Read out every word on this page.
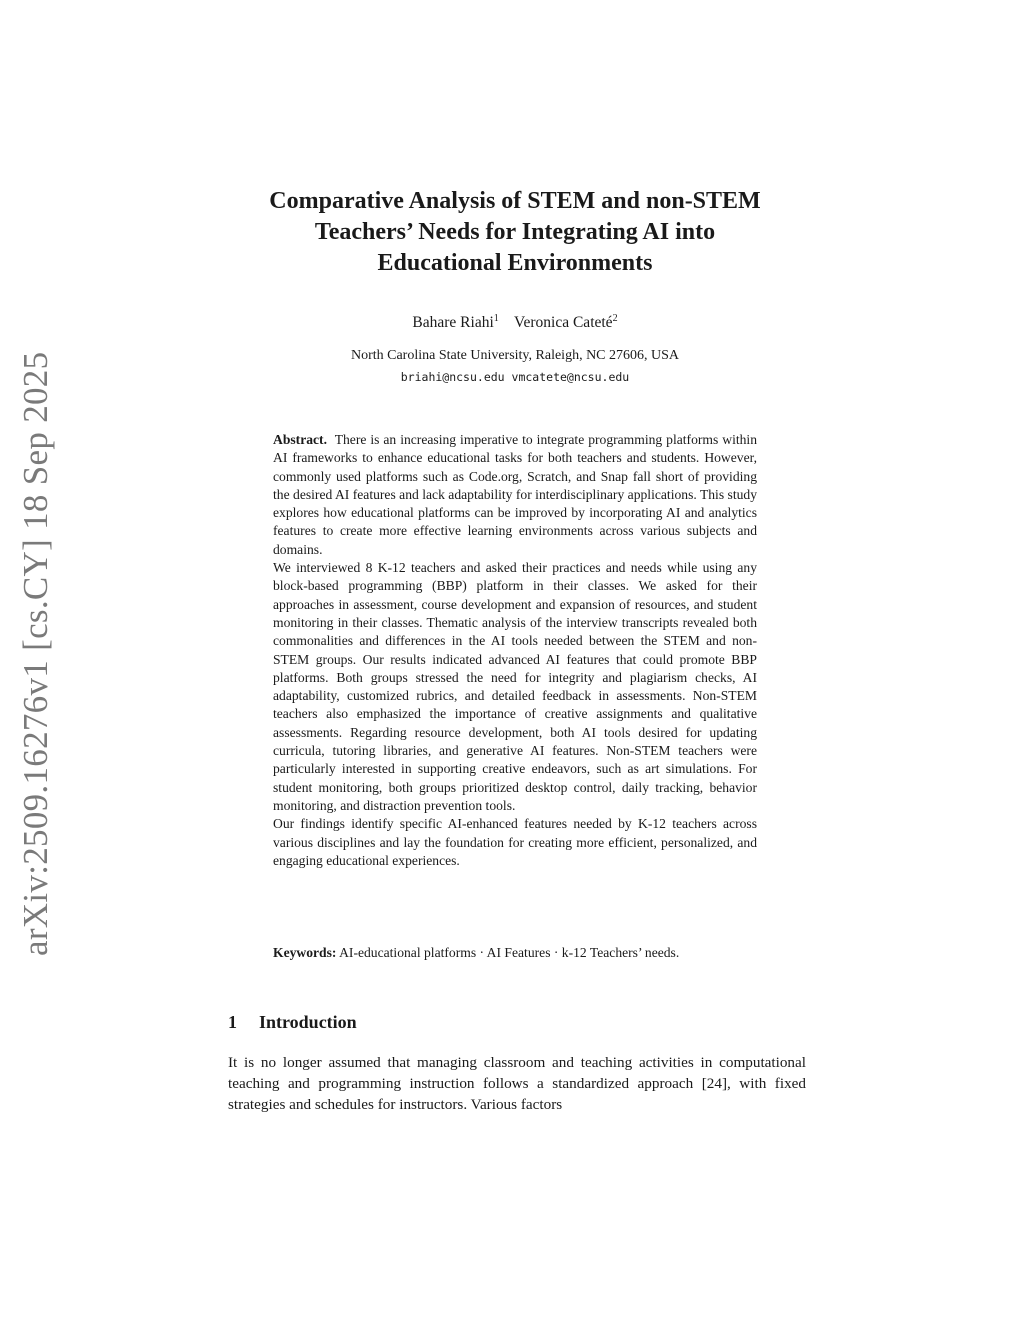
arXiv:2509.16276v1 [cs.CY] 18 Sep 2025
Comparative Analysis of STEM and non-STEM
Teachers’ Needs for Integrating AI into
Educational Environments
Bahare Riahi$^1$ Veronica Cateté$^2$
North Carolina State University, Raleigh, NC 27606, USA
briahi@ncsu.edu vmcatete@ncsu.edu

Abstract. There is an increasing imperative to integrate programming platforms within AI frameworks to enhance educational tasks for both teachers and students. However, commonly used platforms such as Code.org, Scratch, and Snap fall short of providing the desired AI features and lack adaptability for interdisciplinary applications. This study explores how educational platforms can be improved by incorporating AI and analytics features to create more effective learning environments across various subjects and domains.

We interviewed 8 K-12 teachers and asked their practices and needs while using any block-based programming (BBP) platform in their classes. We asked for their approaches in assessment, course development and expansion of resources, and student monitoring in their classes. Thematic analysis of the interview transcripts revealed both commonalities and differences in the AI tools needed between the STEM and non-STEM groups. Our results indicated advanced AI features that could promote BBP platforms. Both groups stressed the need for integrity and plagiarism checks, AI adaptability, customized rubrics, and detailed feedback in assessments. Non-STEM teachers also emphasized the importance of creative assignments and qualitative assessments. Regarding resource development, both AI tools desired for updating curricula, tutoring libraries, and generative AI features. Non-STEM teachers were particularly interested in supporting creative endeavors, such as art simulations. For student monitoring, both groups prioritized desktop control, daily tracking, behavior monitoring, and distraction prevention tools.

Our findings identify specific AI-enhanced features needed by K-12 teachers across various disciplines and lay the foundation for creating more efficient, personalized, and engaging educational experiences.

Keywords: AI-educational platforms · AI Features · k-12 Teachers’ needs.
1 Introduction

It is no longer assumed that managing classroom and teaching activities in computational teaching and programming instruction follows a standardized approach [24], with fixed strategies and schedules for instructors. Various factors
